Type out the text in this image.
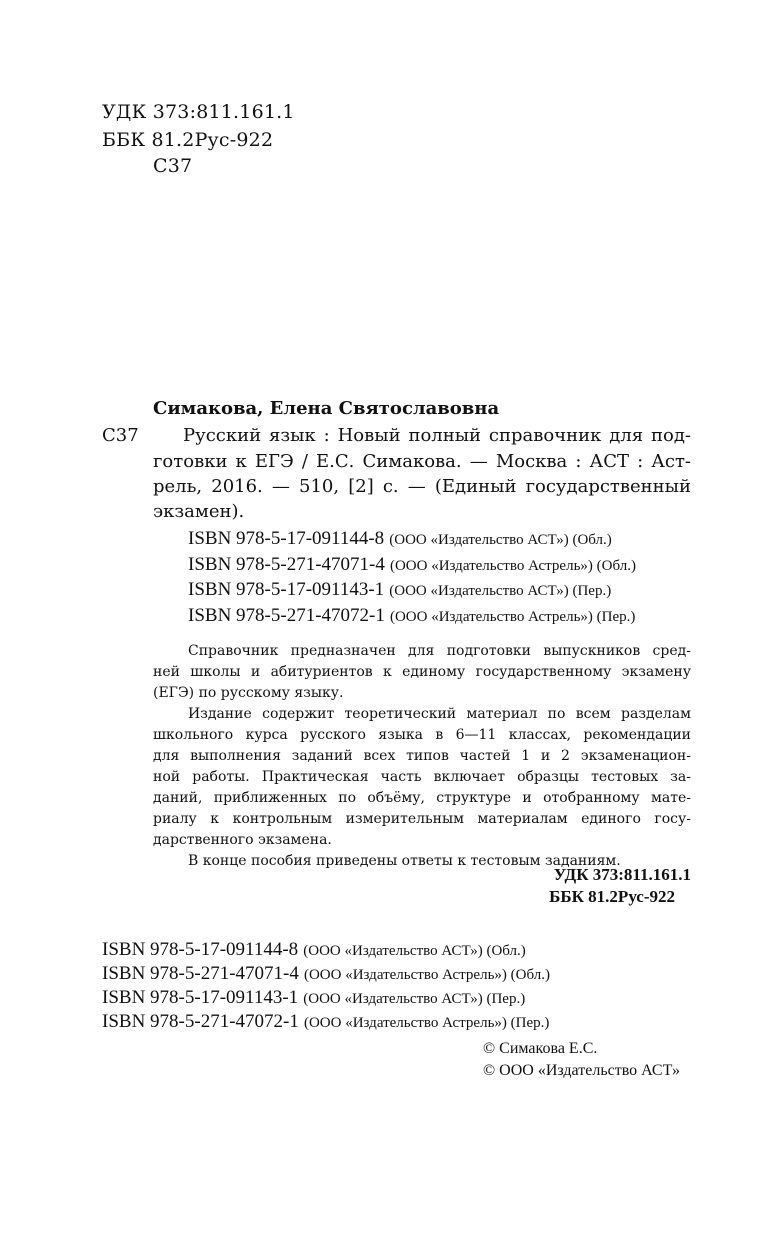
УДК 373:811.161.1
ББК 81.2Рус-922
С37
Симакова, Елена Святославовна
С37 Русский язык : Новый полный справочник для под-
готовки к ЕГЭ / Е.С. Симакова. — Москва : АСТ : Аст-
рель, 2016. — 510, [2] с. — (Единый государственный
экзамен).
ISBN 978-5-17-091144-8 (ООО «Издательство АСТ») (Обл.)
ISBN 978-5-271-47071-4 (ООО «Издательство Астрель») (Обл.)
ISBN 978-5-17-091143-1 (ООО «Издательство АСТ») (Пер.)
ISBN 978-5-271-47072-1 (ООО «Издательство Астрель») (Пер.)
Справочник предназначен для подготовки выпускников сред-
ней школы и абитуриентов к единому государственному экзамену
(ЕГЭ) по русскому языку.
Издание содержит теоретический материал по всем разделам
школьного курса русского языка в 6—11 классах, рекомендации
для выполнения заданий всех типов частей 1 и 2 экзаменацион-
ной работы. Практическая часть включает образцы тестовых за-
даний, приближенных по объёму, структуре и отобранному мате-
риалу к контрольным измерительным материалам единого госу-
дарственного экзамена.
В конце пособия приведены ответы к тестовым заданиям.
УДК 373:811.161.1
ББК 81.2Рус-922
ISBN 978-5-17-091144-8 (ООО «Издательство АСТ») (Обл.)
ISBN 978-5-271-47071-4 (ООО «Издательство Астрель») (Обл.)
ISBN 978-5-17-091143-1 (ООО «Издательство АСТ») (Пер.)
ISBN 978-5-271-47072-1 (ООО «Издательство Астрель») (Пер.)
© Симакова Е.С.
© ООО «Издательство АСТ»
